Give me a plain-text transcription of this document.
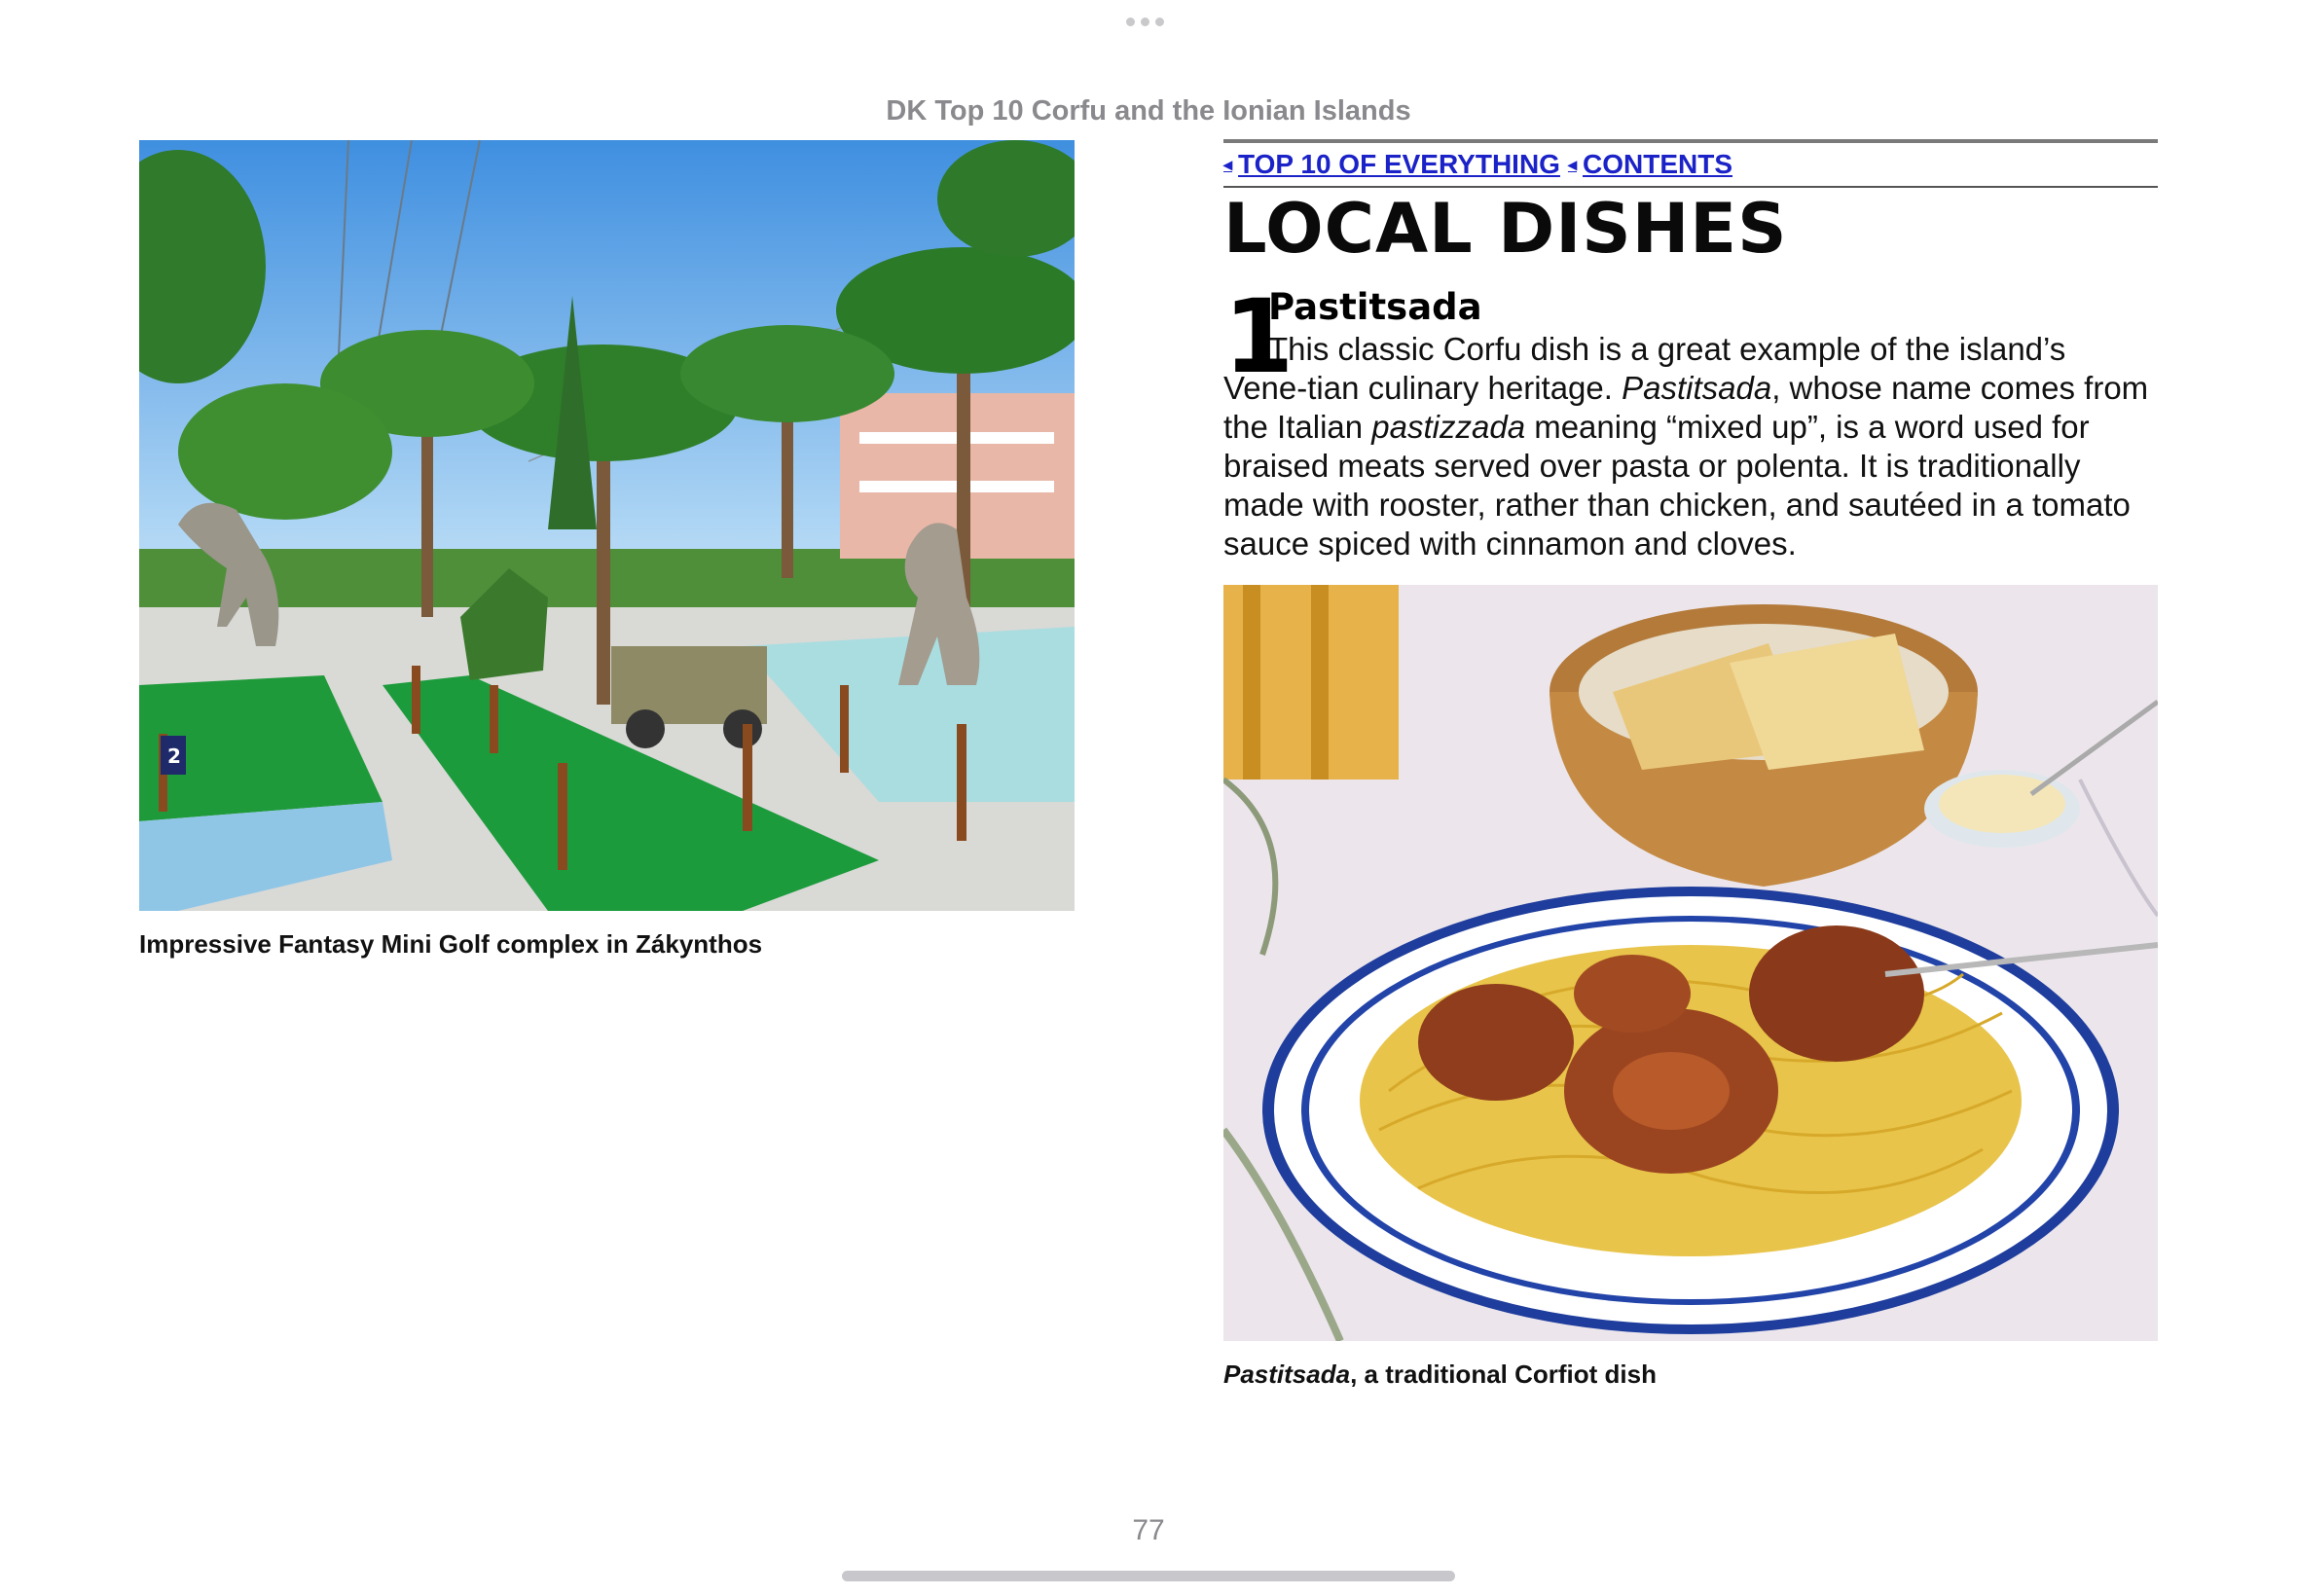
DK Top 10 Corfu and the Ionian Islands
2
Impressive Fantasy Mini Golf complex in Zákynthos
◂ TOP 10 OF EVERYTHING ◂ CONTENTS
LOCAL DISHES
1
Pastitsada
This classic Corfu dish is a great example of the island’s Vene-tian culinary heritage. Pastitsada, whose name comes from the Italian pastizzada meaning “mixed up”, is a word used for braised meats served over pasta or polenta. It is traditionally made with rooster, rather than chicken, and sautéed in a tomato sauce spiced with cinnamon and cloves.
Pastitsada, a traditional Corfiot dish
77
